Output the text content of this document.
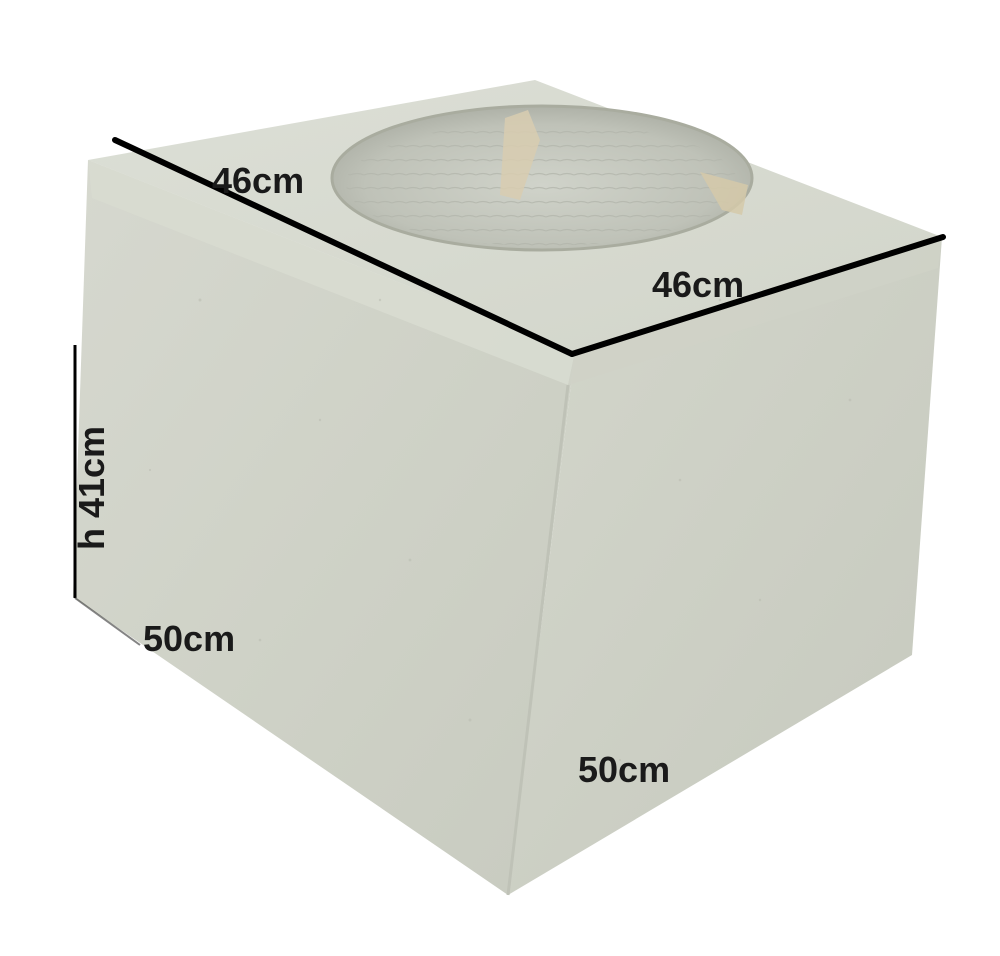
46cm
46cm
h 41cm
50cm
50cm
